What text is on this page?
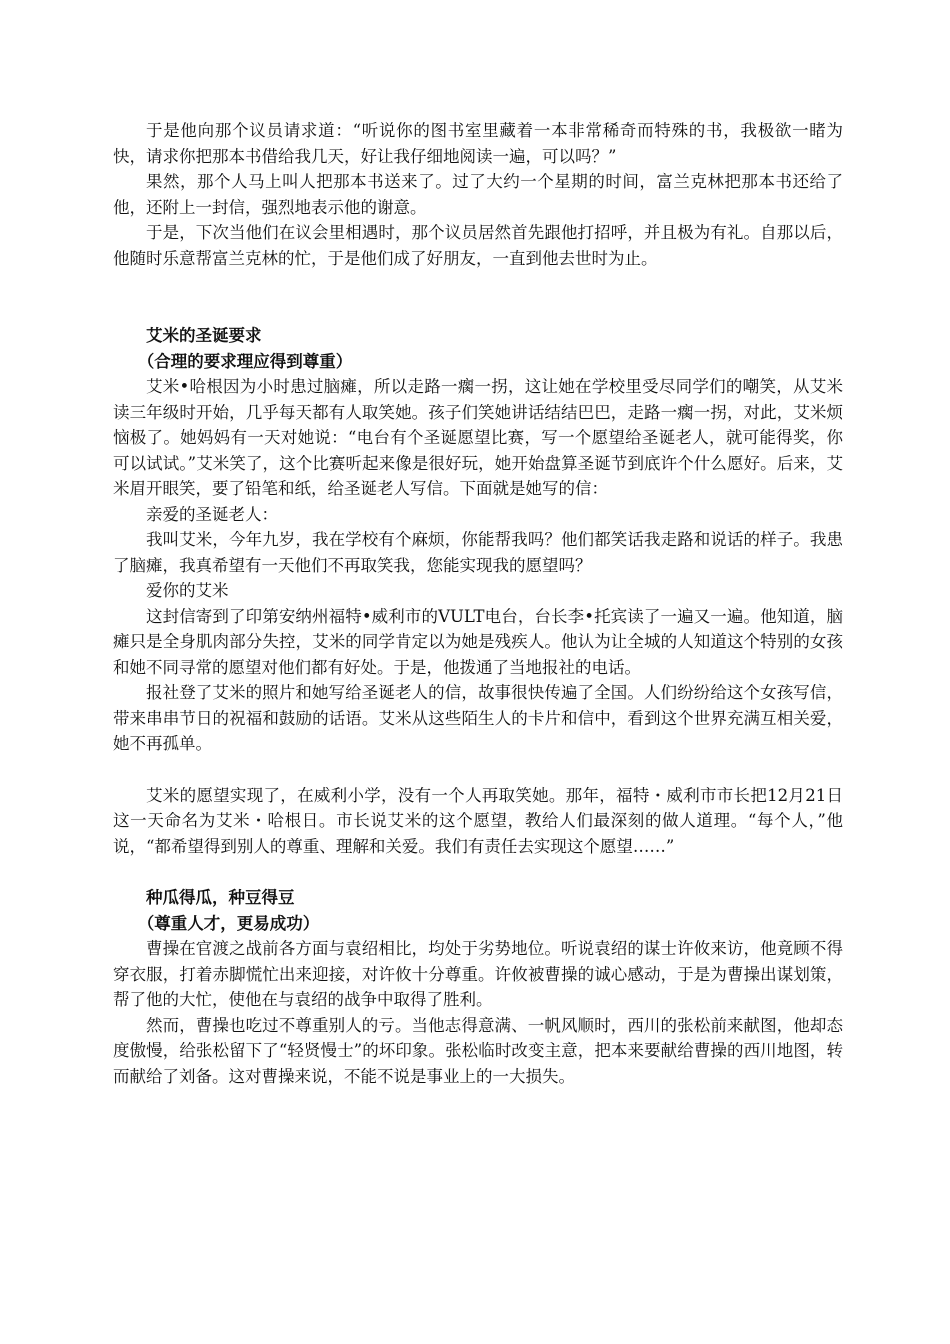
于是他向那个议员请求道：“听说你的图书室里藏着一本非常稀奇而特殊的书，我极欲一睹为快，请求你把那本书借给我几天，好让我仔细地阅读一遍，可以吗？”

果然，那个人马上叫人把那本书送来了。过了大约一个星期的时间，富兰克林把那本书还给了他，还附上一封信，强烈地表示他的谢意。

于是，下次当他们在议会里相遇时，那个议员居然首先跟他打招呼，并且极为有礼。自那以后，他随时乐意帮富兰克林的忙，于是他们成了好朋友，一直到他去世时为止。

艾米的圣诞要求
（合理的要求理应得到尊重）

艾米•哈根因为小时患过脑瘫，所以走路一瘸一拐，这让她在学校里受尽同学们的嘲笑，从艾米读三年级时开始，几乎每天都有人取笑她。孩子们笑她讲话结结巴巴，走路一瘸一拐，对此，艾米烦恼极了。她妈妈有一天对她说：“电台有个圣诞愿望比赛，写一个愿望给圣诞老人，就可能得奖，你可以试试。”艾米笑了，这个比赛听起来像是很好玩，她开始盘算圣诞节到底许个什么愿好。后来，艾米眉开眼笑，要了铅笔和纸，给圣诞老人写信。下面就是她写的信：

亲爱的圣诞老人：

我叫艾米，今年九岁，我在学校有个麻烦，你能帮我吗？他们都笑话我走路和说话的样子。我患了脑瘫，我真希望有一天他们不再取笑我，您能实现我的愿望吗？

爱你的艾米

这封信寄到了印第安纳州福特•威利市的VULT电台，台长李•托宾读了一遍又一遍。他知道，脑瘫只是全身肌肉部分失控，艾米的同学肯定以为她是残疾人。他认为让全城的人知道这个特别的女孩和她不同寻常的愿望对他们都有好处。于是，他拨通了当地报社的电话。

报社登了艾米的照片和她写给圣诞老人的信，故事很快传遍了全国。人们纷纷给这个女孩写信，带来串串节日的祝福和鼓励的话语。艾米从这些陌生人的卡片和信中，看到这个世界充满互相关爱，她不再孤单。

艾米的愿望实现了，在威利小学，没有一个人再取笑她。那年，福特・威利市市长把12月21日这一天命名为艾米・哈根日。市长说艾米的这个愿望，教给人们最深刻的做人道理。“每个人，”他说，“都希望得到别人的尊重、理解和关爱。我们有责任去实现这个愿望……”

种瓜得瓜，种豆得豆
（尊重人才，更易成功）

曹操在官渡之战前各方面与袁绍相比，均处于劣势地位。听说袁绍的谋士许攸来访，他竟顾不得穿衣服，打着赤脚慌忙出来迎接，对许攸十分尊重。许攸被曹操的诚心感动，于是为曹操出谋划策，帮了他的大忙，使他在与袁绍的战争中取得了胜利。

然而，曹操也吃过不尊重别人的亏。当他志得意满、一帆风顺时，西川的张松前来献图，他却态度傲慢，给张松留下了“轻贤慢士”的坏印象。张松临时改变主意，把本来要献给曹操的西川地图，转而献给了刘备。这对曹操来说，不能不说是事业上的一大损失。
